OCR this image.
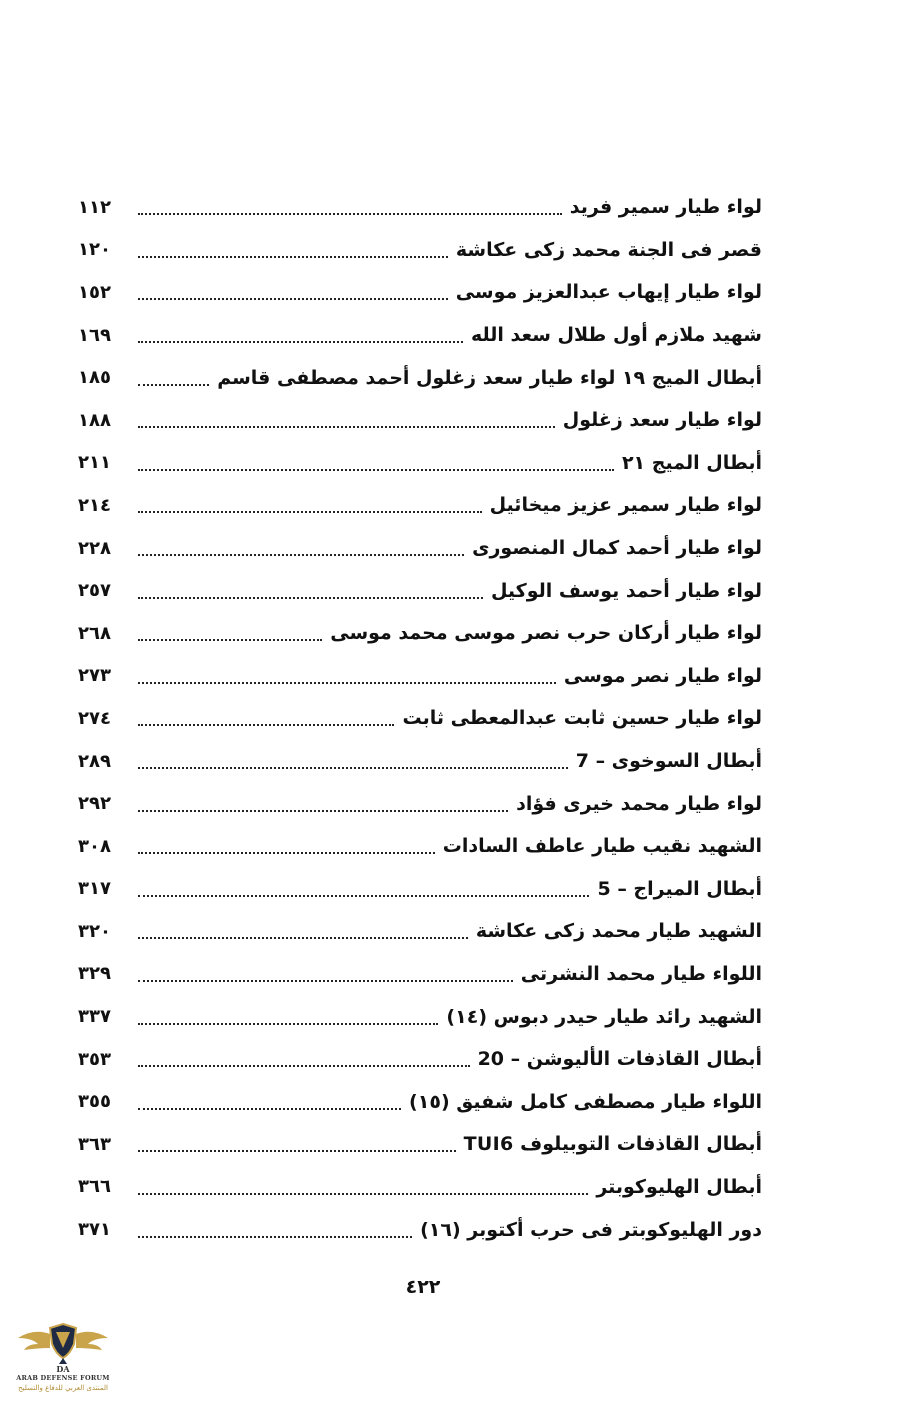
١١٢	لواء طيار سمير فريد
١٢٠	قصر فى الجنة محمد زكى عكاشة
١٥٢	لواء طيار إيهاب عبدالعزيز موسى
١٦٩	شهيد ملازم أول طلال سعد الله
١٨٥	أبطال الميج ١٩ لواء طيار سعد زغلول أحمد مصطفى قاسم
١٨٨	لواء طيار سعد زغلول
٢١١	أبطال الميج ٢١
٢١٤	لواء طيار سمير عزيز ميخائيل
٢٢٨	لواء طيار أحمد كمال المنصورى
٢٥٧	لواء طيار أحمد يوسف الوكيل
٢٦٨	لواء طيار أركان حرب نصر موسى محمد موسى
٢٧٣	لواء طيار نصر موسى
٢٧٤	لواء طيار حسين ثابت عبدالمعطى ثابت
٢٨٩	أبطال السوخوى – 7
٢٩٢	لواء طيار محمد خيرى فؤاد
٣٠٨	الشهيد نقيب طيار عاطف السادات
٣١٧	أبطال الميراج – 5
٣٢٠	الشهيد طيار محمد زكى عكاشة
٣٢٩	اللواء طيار محمد النشرتى
٣٣٧	الشهيد رائد طيار حيدر دبوس (١٤)
٣٥٣	أبطال القاذفات الأليوشن – 20
٣٥٥	اللواء طيار مصطفى كامل شفيق (١٥)
٣٦٣	أبطال القاذفات التوبيلوف TUI6
٣٦٦	أبطال الهليوكوبتر
٣٧١	دور الهليوكوبتر فى حرب أكتوبر (١٦)
٤٢٢
DA
ARAB DEFENSE FORUM
المنتدى العربي للدفاع والتسليح
